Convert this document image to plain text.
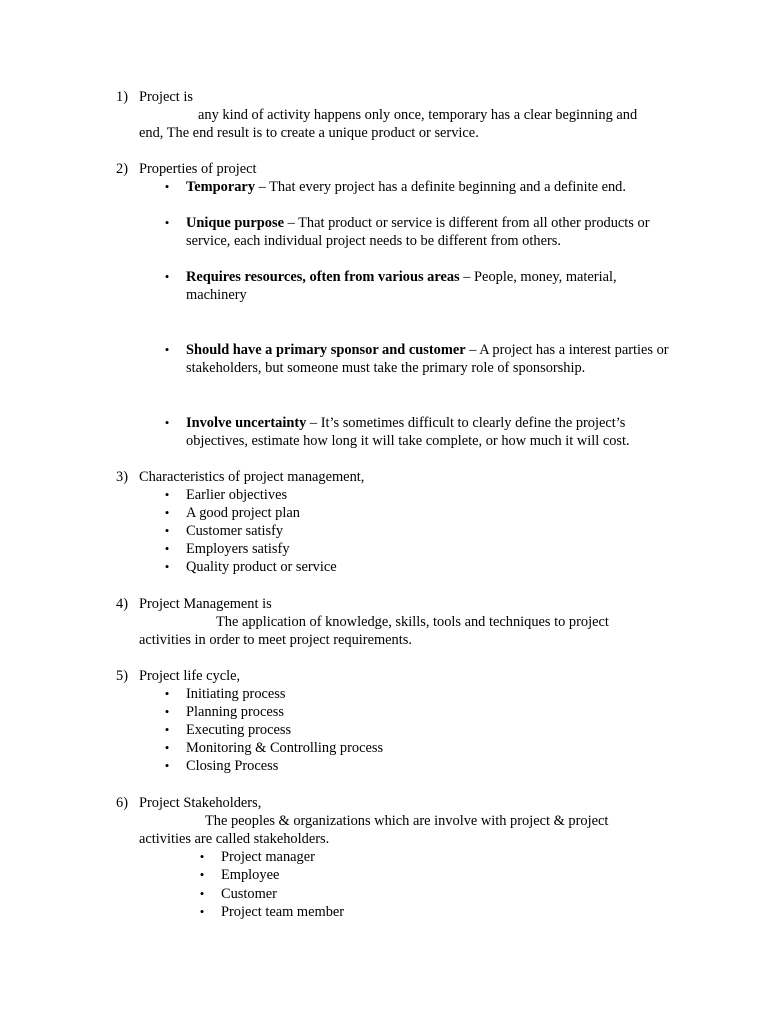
1) Project is
any kind of activity happens only once, temporary has a clear beginning and
end, The end result is to create a unique product or service.
2) Properties of project
• Temporary – That every project has a definite beginning and a definite end.
• Unique purpose – That product or service is different from all other products or service, each individual project needs to be different from others.
• Requires resources, often from various areas – People, money, material, machinery
• Should have a primary sponsor and customer – A project has a interest parties or stakeholders, but someone must take the primary role of sponsorship.
• Involve uncertainty – It’s sometimes difficult to clearly define the project’s objectives, estimate how long it will take complete, or how much it will cost.
3) Characteristics of project management,
• Earlier objectives
• A good project plan
• Customer satisfy
• Employers satisfy
• Quality product or service
4) Project Management is
The application of knowledge, skills, tools and techniques to project
activities in order to meet project requirements.
5) Project life cycle,
• Initiating process
• Planning process
• Executing process
• Monitoring & Controlling process
• Closing Process
6) Project Stakeholders,
The peoples & organizations which are involve with project & project
activities are called stakeholders.
• Project manager
• Employee
• Customer
• Project team member
